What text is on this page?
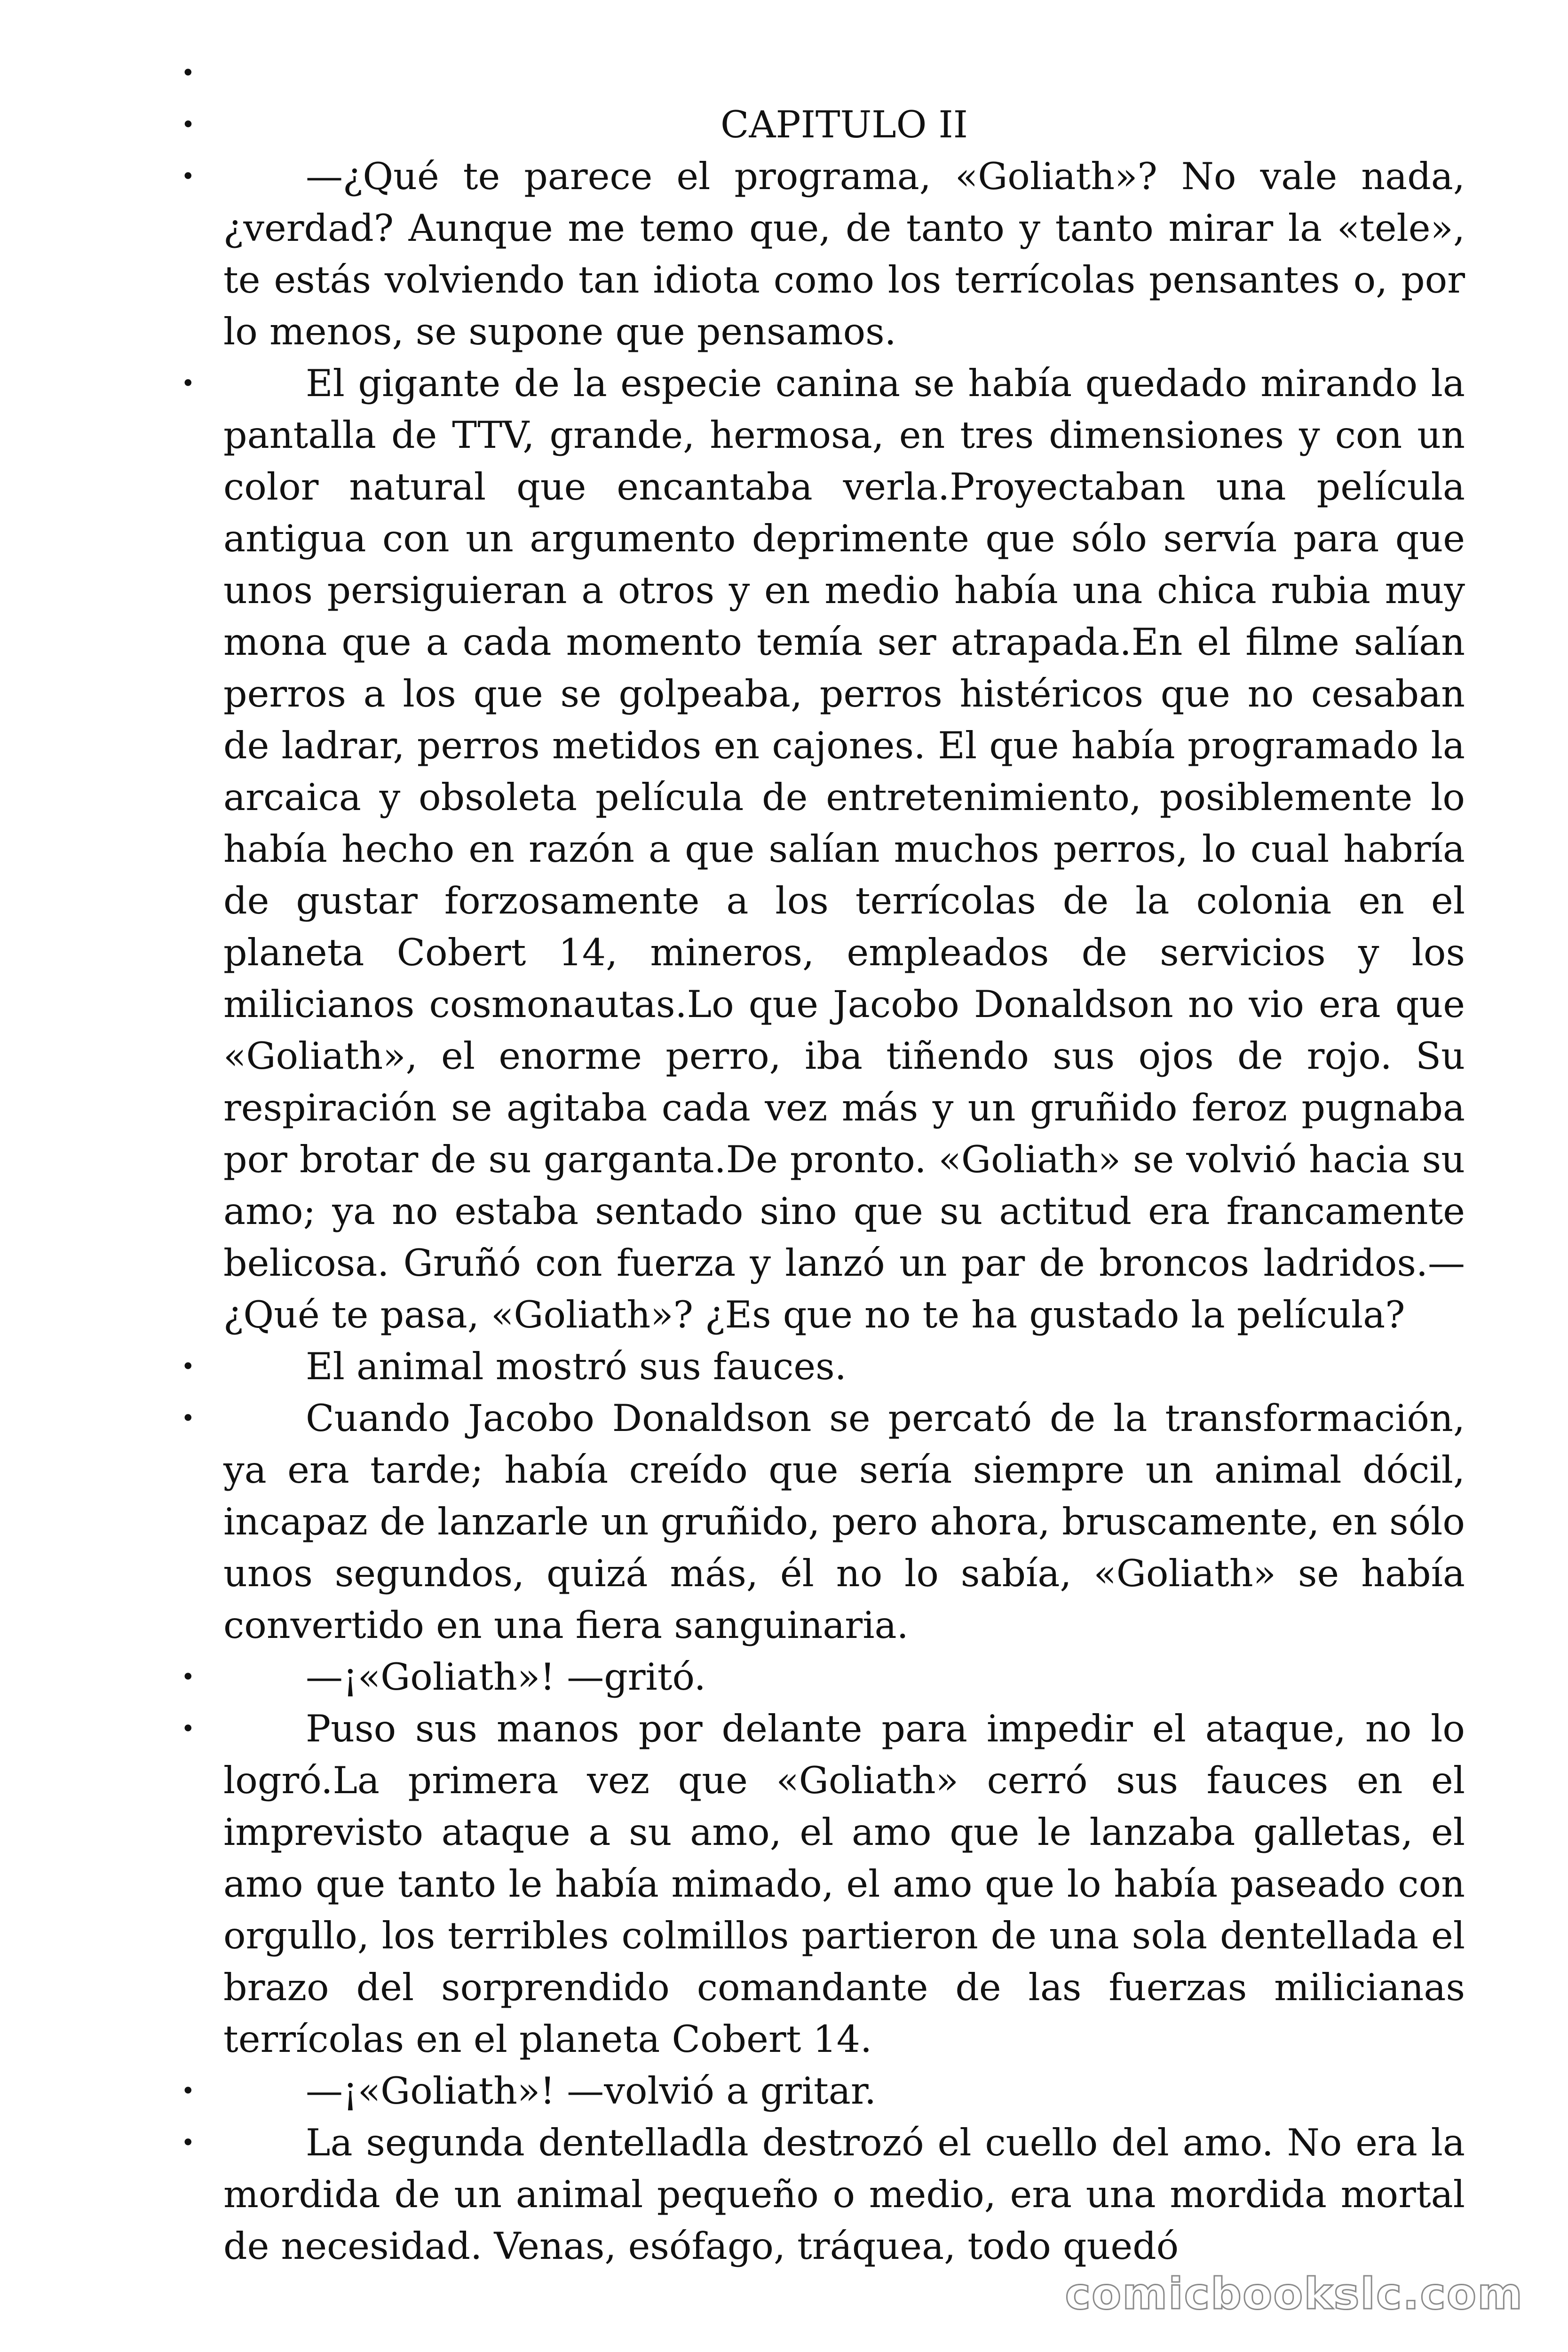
•
•	CAPITULO II
•	—¿Qué te parece el programa, «Goliath»? No vale nada, ¿verdad? Aunque me temo que, de tanto y tanto mirar la «tele», te estás volviendo tan idiota como los terrícolas pensantes o, por lo menos, se supone que pensamos.
•	El gigante de la especie canina se había quedado mirando la pantalla de TTV, grande, hermosa, en tres dimensiones y con un color natural que encantaba verla.Proyectaban una película antigua con un argumento deprimente que sólo servía para que unos persiguieran a otros y en medio había una chica rubia muy mona que a cada momento temía ser atrapada.En el filme salían perros a los que se golpeaba, perros histéricos que no cesaban de ladrar, perros metidos en cajones. El que había programado la arcaica y obsoleta película de entretenimiento, posiblemente lo había hecho en razón a que salían muchos perros, lo cual habría de gustar forzosamente a los terrícolas de la colonia en el planeta Cobert 14, mineros, empleados de servicios y los milicianos cosmonautas.Lo que Jacobo Donaldson no vio era que «Goliath», el enorme perro, iba tiñendo sus ojos de rojo. Su respiración se agitaba cada vez más y un gruñido feroz pugnaba por brotar de su garganta.De pronto. «Goliath» se volvió hacia su amo; ya no estaba sentado sino que su actitud era francamente belicosa. Gruñó con fuerza y lanzó un par de broncos ladridos.—¿Qué te pasa, «Goliath»? ¿Es que no te ha gustado la película?
•	El animal mostró sus fauces.
•	Cuando Jacobo Donaldson se percató de la transformación, ya era tarde; había creído que sería siempre un animal dócil, incapaz de lanzarle un gruñido, pero ahora, bruscamente, en sólo unos segundos, quizá más, él no lo sabía, «Goliath» se había convertido en una fiera sanguinaria.
•	—¡«Goliath»! —gritó.
•	Puso sus manos por delante para impedir el ataque, no lo logró.La primera vez que «Goliath» cerró sus fauces en el imprevisto ataque a su amo, el amo que le lanzaba galletas, el amo que tanto le había mimado, el amo que lo había paseado con orgullo, los terribles colmillos partieron de una sola dentellada el brazo del sorprendido comandante de las fuerzas milicianas terrícolas en el planeta Cobert 14.
•	—¡«Goliath»! —volvió a gritar.
•	La segunda dentelladla destrozó el cuello del amo. No era la mordida de un animal pequeño o medio, era una mordida mortal de necesidad. Venas, esófago, tráquea, todo quedó
comicbookslc.com
